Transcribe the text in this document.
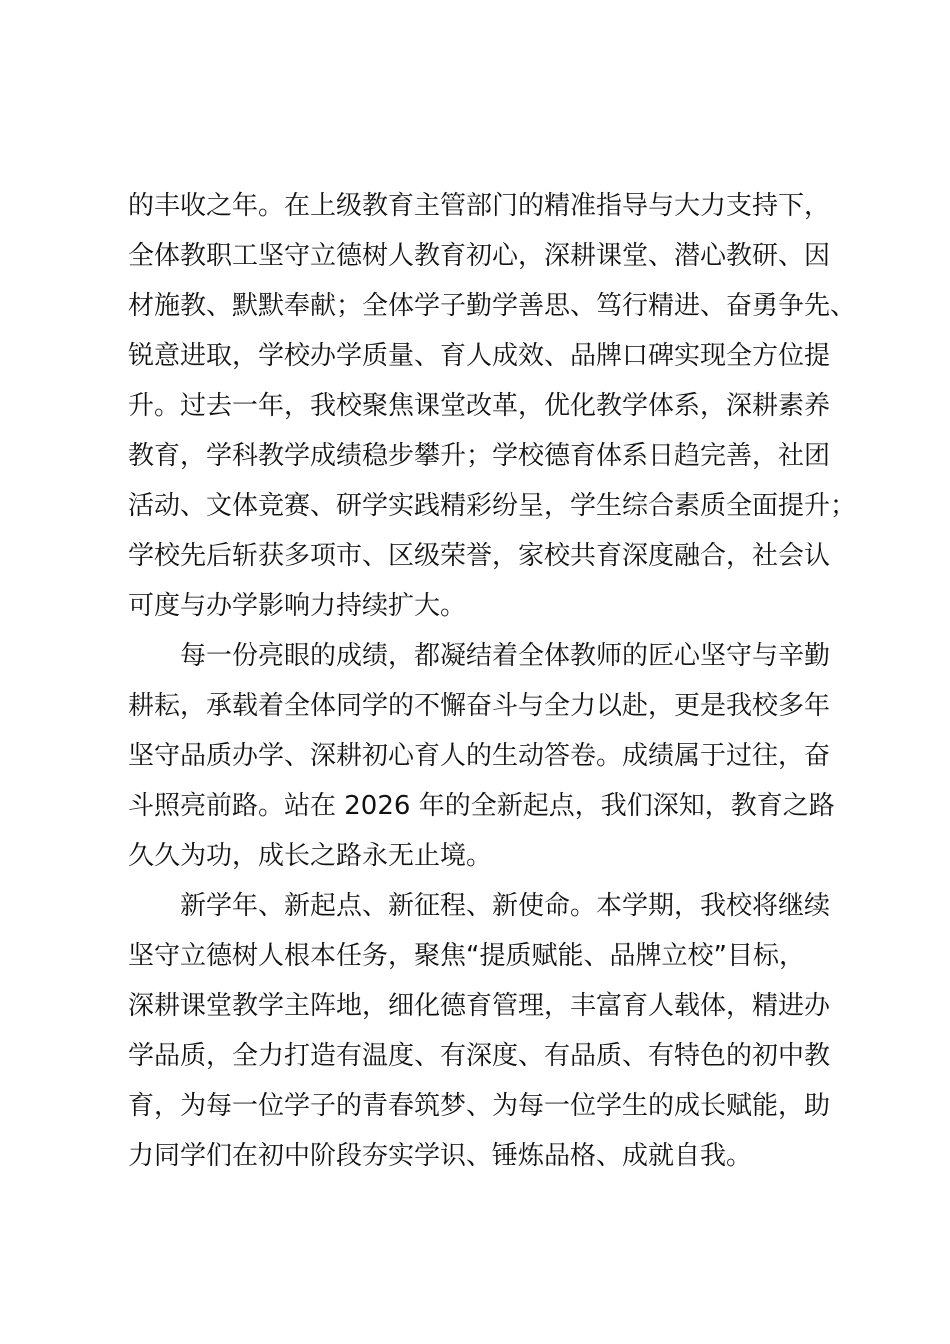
的丰收之年。在上级教育主管部门的精准指导与大力支持下，
全体教职工坚守立德树人教育初心，深耕课堂、潜心教研、因
材施教、默默奉献；全体学子勤学善思、笃行精进、奋勇争先、
锐意进取，学校办学质量、育人成效、品牌口碑实现全方位提
升。过去一年，我校聚焦课堂改革，优化教学体系，深耕素养
教育，学科教学成绩稳步攀升；学校德育体系日趋完善，社团
活动、文体竞赛、研学实践精彩纷呈，学生综合素质全面提升；
学校先后斩获多项市、区级荣誉，家校共育深度融合，社会认
可度与办学影响力持续扩大。
每一份亮眼的成绩，都凝结着全体教师的匠心坚守与辛勤
耕耘，承载着全体同学的不懈奋斗与全力以赴，更是我校多年
坚守品质办学、深耕初心育人的生动答卷。成绩属于过往，奋
斗照亮前路。站在 2026 年的全新起点，我们深知，教育之路
久久为功，成长之路永无止境。
新学年、新起点、新征程、新使命。本学期，我校将继续
坚守立德树人根本任务，聚焦“提质赋能、品牌立校”目标，
深耕课堂教学主阵地，细化德育管理，丰富育人载体，精进办
学品质，全力打造有温度、有深度、有品质、有特色的初中教
育，为每一位学子的青春筑梦、为每一位学生的成长赋能，助
力同学们在初中阶段夯实学识、锤炼品格、成就自我。
